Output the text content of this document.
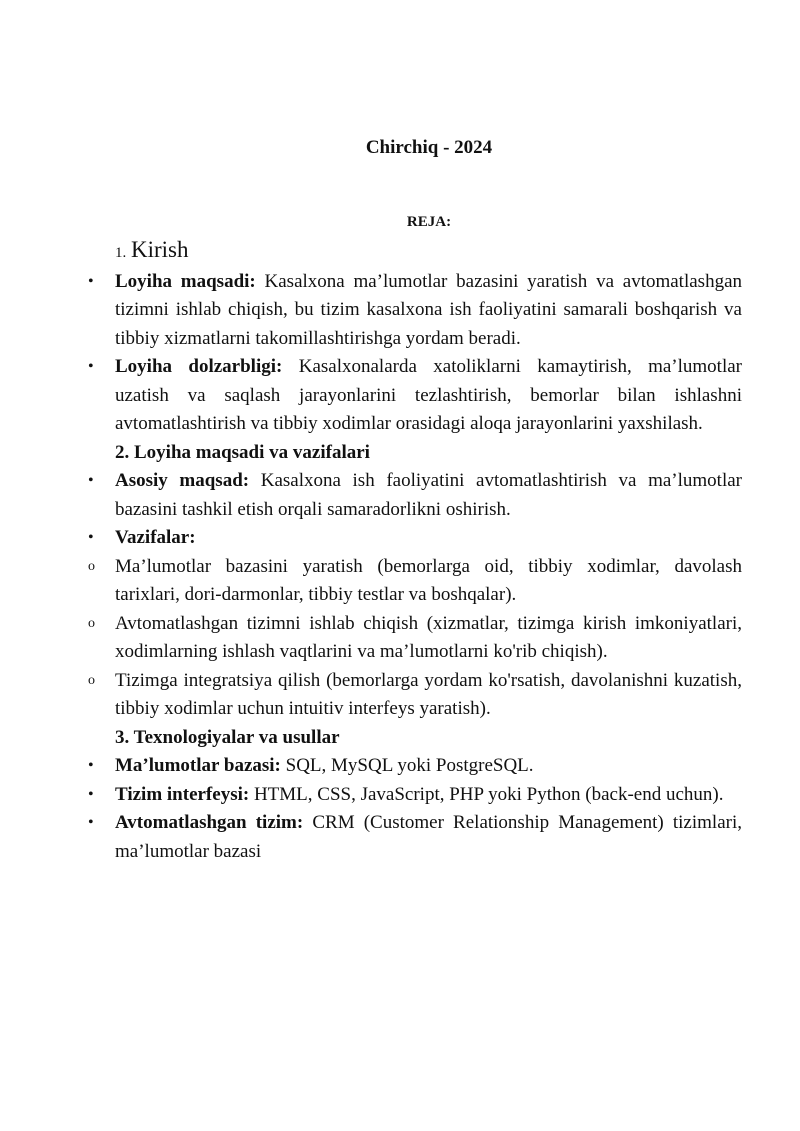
Chirchiq - 2024
REJA:
1. Kirish
•	Loyiha maqsadi: Kasalxona ma’lumotlar bazasini yaratish va avtomatlashgan tizimni ishlab chiqish, bu tizim kasalxona ish faoliyatini samarali boshqarish va tibbiy xizmatlarni takomillashtirishga yordam beradi.
•	Loyiha dolzarbligi: Kasalxonalarda xatoliklarni kamaytirish, ma’lumotlar uzatish va saqlash jarayonlarini tezlashtirish, bemorlar bilan ishlashni avtomatlashtirish va tibbiy xodimlar orasidagi aloqa jarayonlarini yaxshilash.
2. Loyiha maqsadi va vazifalari
•	Asosiy maqsad: Kasalxona ish faoliyatini avtomatlashtirish va ma’lumotlar bazasini tashkil etish orqali samaradorlikni oshirish.
•	Vazifalar:
o Ma’lumotlar bazasini yaratish (bemorlarga oid, tibbiy xodimlar, davolash tarixlari, dori-darmonlar, tibbiy testlar va boshqalar).
o Avtomatlashgan tizimni ishlab chiqish (xizmatlar, tizimga kirish imkoniyatlari, xodimlarning ishlash vaqtlarini va ma’lumotlarni ko'rib chiqish).
o Tizimga integratsiya qilish (bemorlarga yordam ko'rsatish, davolanishni kuzatish, tibbiy xodimlar uchun intuitiv interfeys yaratish).
3. Texnologiyalar va usullar
•	Ma’lumotlar bazasi: SQL, MySQL yoki PostgreSQL.
•	Tizim interfeysi: HTML, CSS, JavaScript, PHP yoki Python (back-end uchun).
•	Avtomatlashgan tizim: CRM (Customer Relationship Management) tizimlari, ma’lumotlar bazasi
